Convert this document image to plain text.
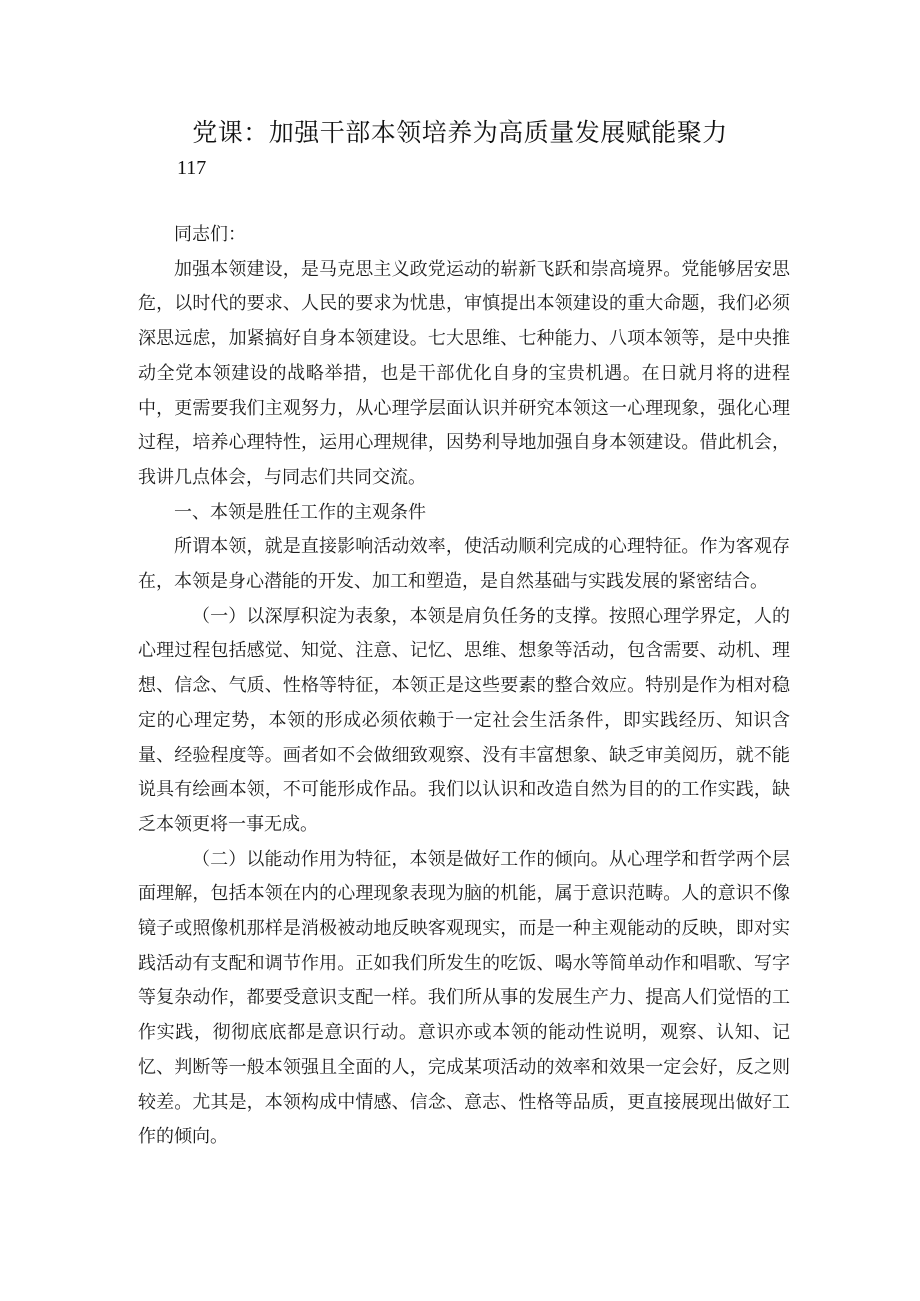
党课：加强干部本领培养为高质量发展赋能聚力
117

同志们：

加强本领建设，是马克思主义政党运动的崭新飞跃和崇高境界。党能够居安思危，以时代的要求、人民的要求为忧患，审慎提出本领建设的重大命题，我们必须深思远虑，加紧搞好自身本领建设。七大思维、七种能力、八项本领等，是中央推动全党本领建设的战略举措，也是干部优化自身的宝贵机遇。在日就月将的进程中，更需要我们主观努力，从心理学层面认识并研究本领这一心理现象，强化心理过程，培养心理特性，运用心理规律，因势利导地加强自身本领建设。借此机会，我讲几点体会，与同志们共同交流。

一、本领是胜任工作的主观条件

所谓本领，就是直接影响活动效率，使活动顺利完成的心理特征。作为客观存在，本领是身心潜能的开发、加工和塑造，是自然基础与实践发展的紧密结合。

（一）以深厚积淀为表象，本领是肩负任务的支撑。按照心理学界定，人的心理过程包括感觉、知觉、注意、记忆、思维、想象等活动，包含需要、动机、理想、信念、气质、性格等特征，本领正是这些要素的整合效应。特别是作为相对稳定的心理定势，本领的形成必须依赖于一定社会生活条件，即实践经历、知识含量、经验程度等。画者如不会做细致观察、没有丰富想象、缺乏审美阅历，就不能说具有绘画本领，不可能形成作品。我们以认识和改造自然为目的的工作实践，缺乏本领更将一事无成。

（二）以能动作用为特征，本领是做好工作的倾向。从心理学和哲学两个层面理解，包括本领在内的心理现象表现为脑的机能，属于意识范畴。人的意识不像镜子或照像机那样是消极被动地反映客观现实，而是一种主观能动的反映，即对实践活动有支配和调节作用。正如我们所发生的吃饭、喝水等简单动作和唱歌、写字等复杂动作，都要受意识支配一样。我们所从事的发展生产力、提高人们觉悟的工作实践，彻彻底底都是意识行动。意识亦或本领的能动性说明，观察、认知、记忆、判断等一般本领强且全面的人，完成某项活动的效率和效果一定会好，反之则较差。尤其是，本领构成中情感、信念、意志、性格等品质，更直接展现出做好工作的倾向。
